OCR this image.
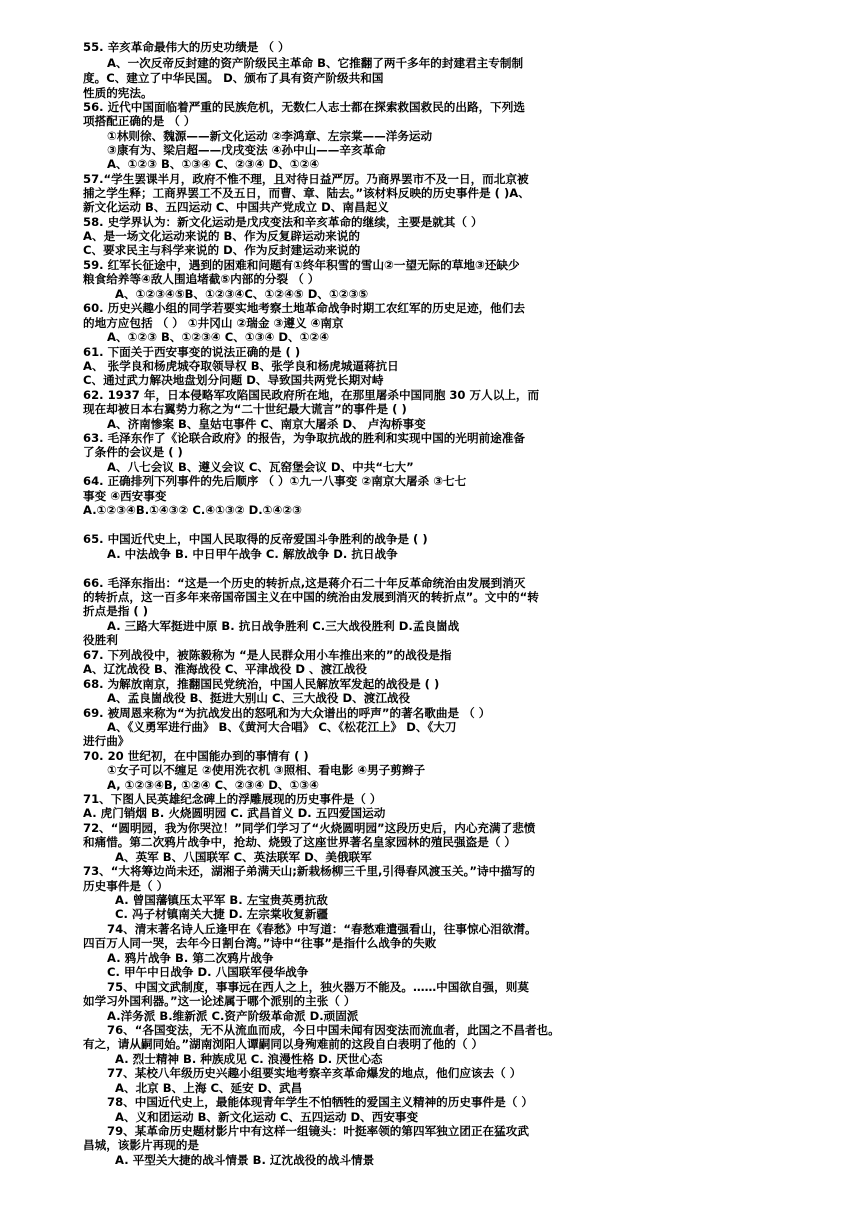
55. 辛亥革命最伟大的历史功绩是 （ ）
A、一次反帝反封建的资产阶级民主革命 B、它推翻了两千多年的封建君主专制制
度。C、建立了中华民国。 D、颁布了具有资产阶级共和国
性质的宪法。
56. 近代中国面临着严重的民族危机，无数仁人志士都在探索救国救民的出路，下列选
项搭配正确的是 （ ）
①林则徐、魏源——新文化运动 ②李鸿章、左宗棠——洋务运动
③康有为、梁启超——戊戌变法 ④孙中山——辛亥革命
A、①②③ B、①③④ C、②③④ D、①②④
57.“学生罢课半月，政府不惟不理，且对待日益严厉。乃商界罢市不及一日，而北京被
捕之学生释；工商界罢工不及五日，而曹、章、陆去。”该材料反映的历史事件是 ( )A、
新文化运动 B、五四运动 C、中国共产党成立 D、南昌起义
58. 史学界认为：新文化运动是戊戌变法和辛亥革命的继续，主要是就其（ ）
A、是一场文化运动来说的 B、作为反复辟运动来说的
C、要求民主与科学来说的 D、作为反封建运动来说的
59. 红军长征途中，遇到的困难和问题有①终年积雪的雪山②一望无际的草地③还缺少
粮食给养等④敌人围追堵截⑤内部的分裂 （ ）
A、①②③④⑤B、①②③④C、①②④⑤ D、①②③⑤
60. 历史兴趣小组的同学若要实地考察土地革命战争时期工农红军的历史足迹，他们去
的地方应包括 （ ） ①井冈山 ②瑞金 ③遵义 ④南京
A、①②③ B、①②③④ C、①③④ D、①②④
61. 下面关于西安事变的说法正确的是 ( )
A、 张学良和杨虎城夺取领导权 B、张学良和杨虎城逼蒋抗日
C、通过武力解决地盘划分问题 D、导致国共两党长期对峙
62. 1937 年，日本侵略军攻陷国民政府所在地，在那里屠杀中国同胞 30 万人以上，而
现在却被日本右翼势力称之为“二十世纪最大谎言”的事件是 ( )
A、济南惨案 B、皇姑屯事件 C、南京大屠杀 D、 卢沟桥事变
63. 毛泽东作了《论联合政府》的报告，为争取抗战的胜利和实现中国的光明前途准备
了条件的会议是 ( )
A、八七会议 B、遵义会议 C、瓦窑堡会议 D、中共“七大”
64. 正确排列下列事件的先后顺序 （ ）①九一八事变 ②南京大屠杀 ③七七
事变 ④西安事变
A.①②③④B.①④③② C.④①③② D.①④②③
65. 中国近代史上，中国人民取得的反帝爱国斗争胜利的战争是 ( )
A. 中法战争 B. 中日甲午战争 C. 解放战争 D. 抗日战争
66. 毛泽东指出：“这是一个历史的转折点,这是蒋介石二十年反革命统治由发展到消灭
的转折点，这一百多年来帝国帝国主义在中国的统治由发展到消灭的转折点”。文中的“转
折点是指 ( )
A. 三路大军挺进中原 B. 抗日战争胜利 C.三大战役胜利 D.孟良崮战
役胜利
67. 下列战役中，被陈毅称为 “是人民群众用小车推出来的”的战役是指
A、辽沈战役 B、淮海战役 C、平津战役 D 、渡江战役
68. 为解放南京，推翻国民党统治，中国人民解放军发起的战役是 ( )
A、孟良崮战役 B、挺进大别山 C、三大战役 D、渡江战役
69. 被周恩来称为“为抗战发出的怒吼和为大众谱出的呼声”的著名歌曲是 （ ）
A、《义勇军进行曲》 B、《黄河大合唱》 C、《松花江上》 D、《大刀
进行曲》
70. 20 世纪初，在中国能办到的事情有 ( )
①女子可以不缠足 ②使用洗衣机 ③照相、看电影 ④男子剪辫子
A, ①②③④B, ①②④ C、②③④ D、①③④
71、下图人民英雄纪念碑上的浮雕展现的历史事件是（ ）
A. 虎门销烟 B. 火烧圆明园 C. 武昌首义 D. 五四爱国运动
72、“圆明园，我为你哭泣！”同学们学习了“火烧圆明园”这段历史后，内心充满了悲愤
和痛惜。第二次鸦片战争中，抢劫、烧毁了这座世界著名皇家园林的殖民强盗是（ ）
A、英军 B、八国联军 C、英法联军 D、美俄联军
73、“大将筹边尚未还，湖湘子弟满天山;新栽杨柳三千里,引得春风渡玉关。”诗中描写的
历史事件是（ ）
A. 曾国藩镇压太平军 B. 左宝贵英勇抗敌
C. 冯子材镇南关大捷 D. 左宗棠收复新疆
74、清末著名诗人丘逢甲在《春愁》中写道：“春愁难遣强看山，往事惊心泪欲潸。
四百万人同一哭，去年今日割台湾。”诗中“往事”是指什么战争的失败
A. 鸦片战争 B. 第二次鸦片战争
C. 甲午中日战争 D. 八国联军侵华战争
75、中国文武制度，事事远在西人之上，独火器万不能及。……中国欲自强，则莫
如学习外国利器。”这一论述属于哪个派别的主张（ ）
A.洋务派 B.维新派 C.资产阶级革命派 D.顽固派
76、“各国变法，无不从流血而成，今日中国未闻有因变法而流血者，此国之不昌者也。
有之，请从嗣同始。”湖南浏阳人谭嗣同以身殉难前的这段自白表明了他的（ ）
A. 烈士精神 B. 种族成见 C. 浪漫性格 D. 厌世心态
77、某校八年级历史兴趣小组要实地考察辛亥革命爆发的地点，他们应该去（ ）
A、北京 B、上海 C、延安 D、武昌
78、中国近代史上，最能体现青年学生不怕牺牲的爱国主义精神的历史事件是（ ）
A、义和团运动 B、新文化运动 C、五四运动 D、西安事变
79、某革命历史题材影片中有这样一组镜头：叶挺率领的第四军独立团正在猛攻武
昌城，该影片再现的是
A. 平型关大捷的战斗情景 B. 辽沈战役的战斗情景
